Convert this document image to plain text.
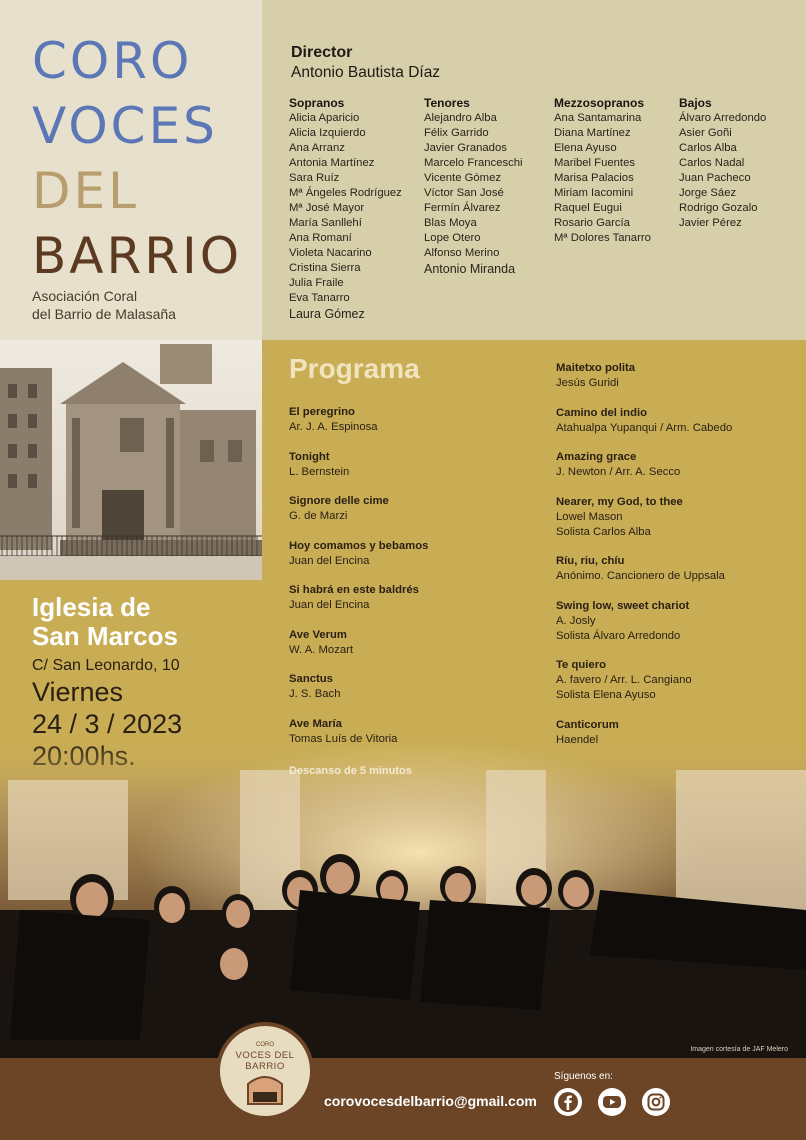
CORO
VOCES
DEL
BARRIO
Asociación Coral
del Barrio de Malasaña
Director
Antonio Bautista Díaz
Sopranos
Alicia Aparicio
Alicia Izquierdo
Ana Arranz
Antonia Martínez
Sara Ruíz
Mª Ángeles Rodríguez
Mª José Mayor
María Sanllehí
Ana Romaní
Violeta Nacarino
Cristina Sierra
Julia Fraile
Eva Tanarro
Laura Gómez
Tenores
Alejandro Alba
Félix Garrido
Javier Granados
Marcelo Franceschi
Vicente Gómez
Víctor San José
Fermín Álvarez
Blas Moya
Lope Otero
Alfonso Merino
Antonio Miranda
Mezzosopranos
Ana Santamarina
Diana Martínez
Elena Ayuso
Maribel Fuentes
Marisa Palacios
Miriam Iacomini
Raquel Eugui
Rosario García
Mª Dolores Tanarro
Bajos
Álvaro Arredondo
Asier Goñi
Carlos Alba
Carlos Nadal
Juan Pacheco
Jorge Sáez
Rodrigo Gozalo
Javier Pérez
Iglesia de
San Marcos
C/ San Leonardo, 10
Viernes
24 / 3 / 2023
Imagen cortesía de JAF Melero
Programa
El peregrino
Ar. J. A. Espinosa
Tonight
L. Bernstein
Signore delle cime
G. de Marzi
Hoy comamos y bebamos
Juan del Encina
Si habrá en este baldrés
Juan del Encina
Ave Verum
W. A. Mozart
Sanctus
J. S. Bach
Ave María
Tomas Luís de Vitoria
Maitetxo polita
Jesús Guridi
Camino del indio
Atahualpa Yupanqui / Arm. Cabedo
Amazing grace
J. Newton / Arr. A. Secco
Nearer, my God, to thee
Lowel Mason
Solista Carlos Alba
Ríu, riu, chíu
Anónimo. Cancionero de Uppsala
Swing low, sweet chariot
A. Josly
Solista Álvaro Arredondo
Te quiero
A. favero / Arr. L. Cangiano
Solista Elena Ayuso
Canticorum
Haendel
Descanso de 5 minutos
CORO
VOCES DEL
BARRIO
corovocesdelbarrio@gmail.com
Síguenos en:
